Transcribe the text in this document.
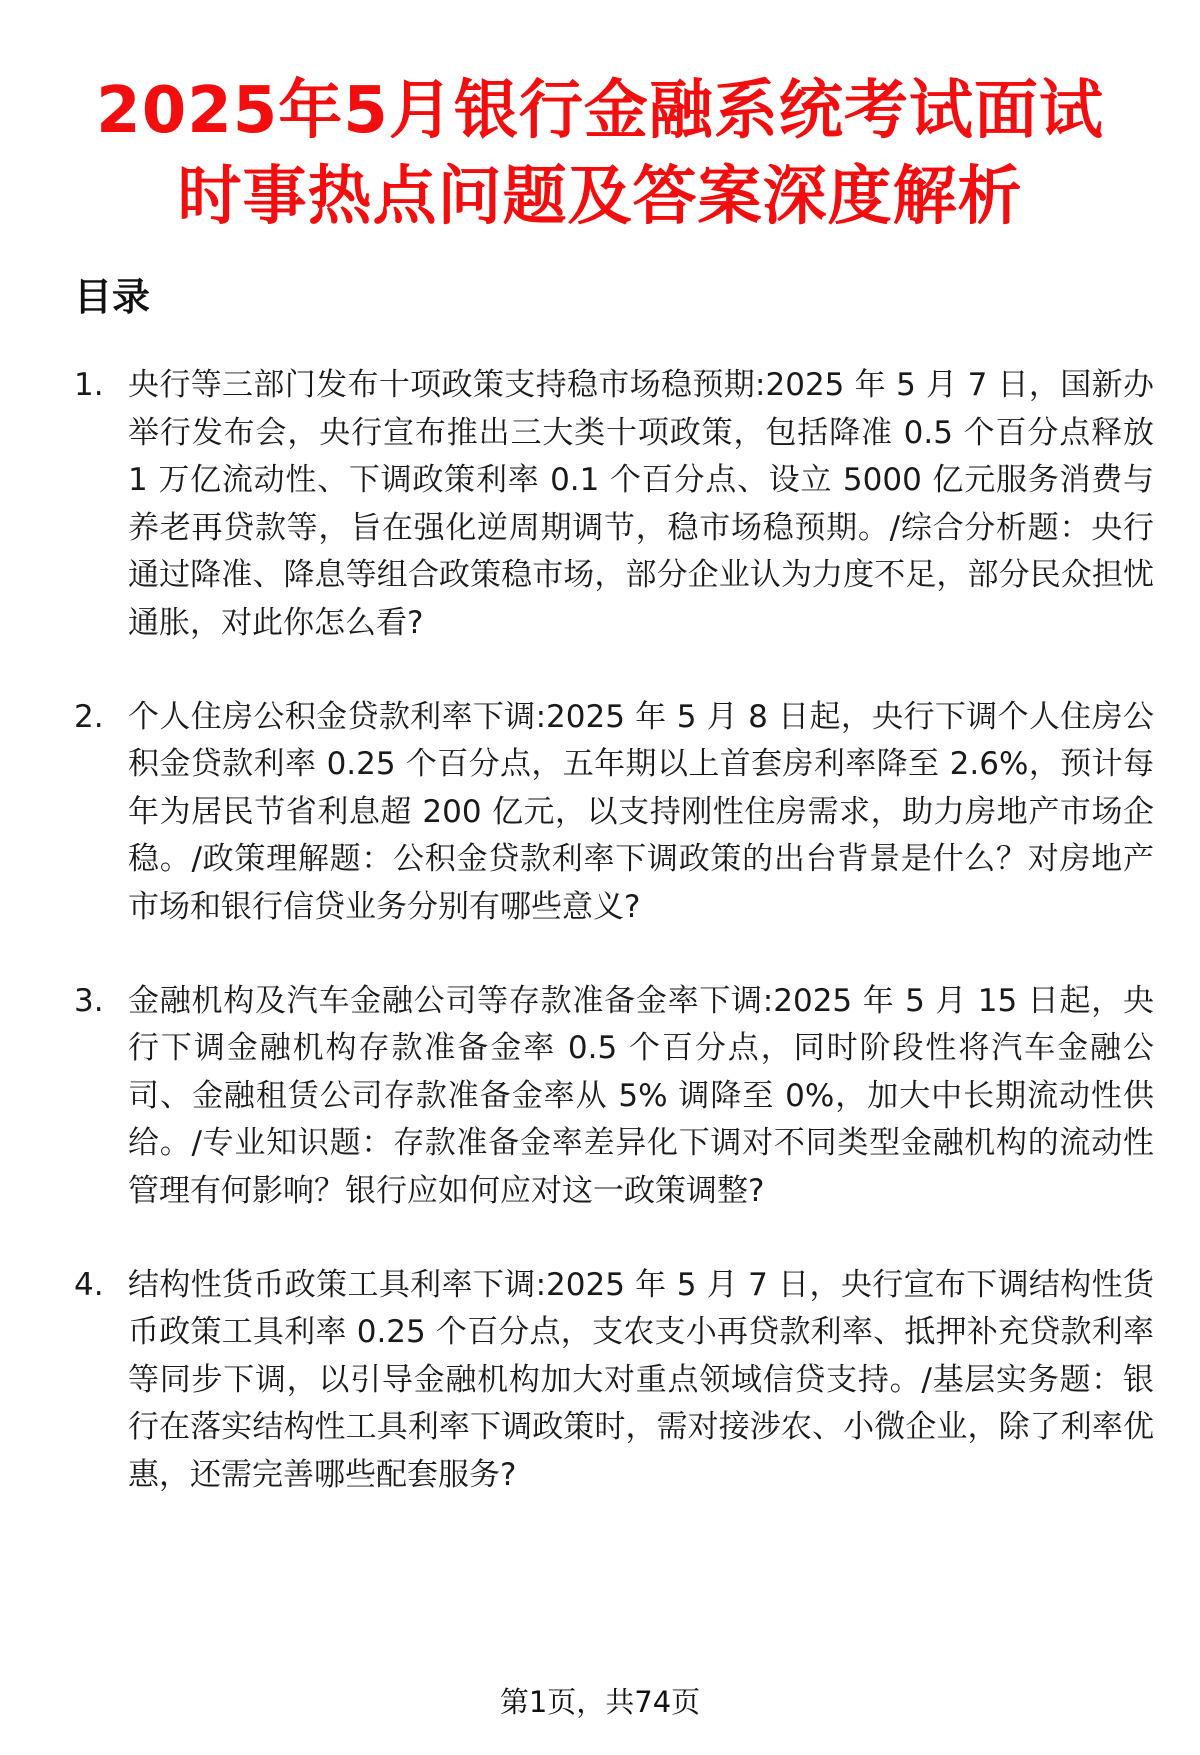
2025年5月银行金融系统考试面试
时事热点问题及答案深度解析
目录
1. 央行等三部门发布十项政策支持稳市场稳预期:2025 年 5 月 7 日，国新办举行发布会，央行宣布推出三大类十项政策，包括降准 0.5 个百分点释放 1 万亿流动性、下调政策利率 0.1 个百分点、设立 5000 亿元服务消费与养老再贷款等，旨在强化逆周期调节，稳市场稳预期。/综合分析题：央行通过降准、降息等组合政策稳市场，部分企业认为力度不足，部分民众担忧通胀，对此你怎么看?
2. 个人住房公积金贷款利率下调:2025 年 5 月 8 日起，央行下调个人住房公积金贷款利率 0.25 个百分点，五年期以上首套房利率降至 2.6%，预计每年为居民节省利息超 200 亿元，以支持刚性住房需求，助力房地产市场企稳。/政策理解题：公积金贷款利率下调政策的出台背景是什么？对房地产市场和银行信贷业务分别有哪些意义?
3. 金融机构及汽车金融公司等存款准备金率下调:2025 年 5 月 15 日起，央行下调金融机构存款准备金率 0.5 个百分点，同时阶段性将汽车金融公司、金融租赁公司存款准备金率从 5% 调降至 0%，加大中长期流动性供给。/专业知识题：存款准备金率差异化下调对不同类型金融机构的流动性管理有何影响？银行应如何应对这一政策调整?
4. 结构性货币政策工具利率下调:2025 年 5 月 7 日，央行宣布下调结构性货币政策工具利率 0.25 个百分点，支农支小再贷款利率、抵押补充贷款利率等同步下调，以引导金融机构加大对重点领域信贷支持。/基层实务题：银行在落实结构性工具利率下调政策时，需对接涉农、小微企业，除了利率优惠，还需完善哪些配套服务?
第1页，共74页
